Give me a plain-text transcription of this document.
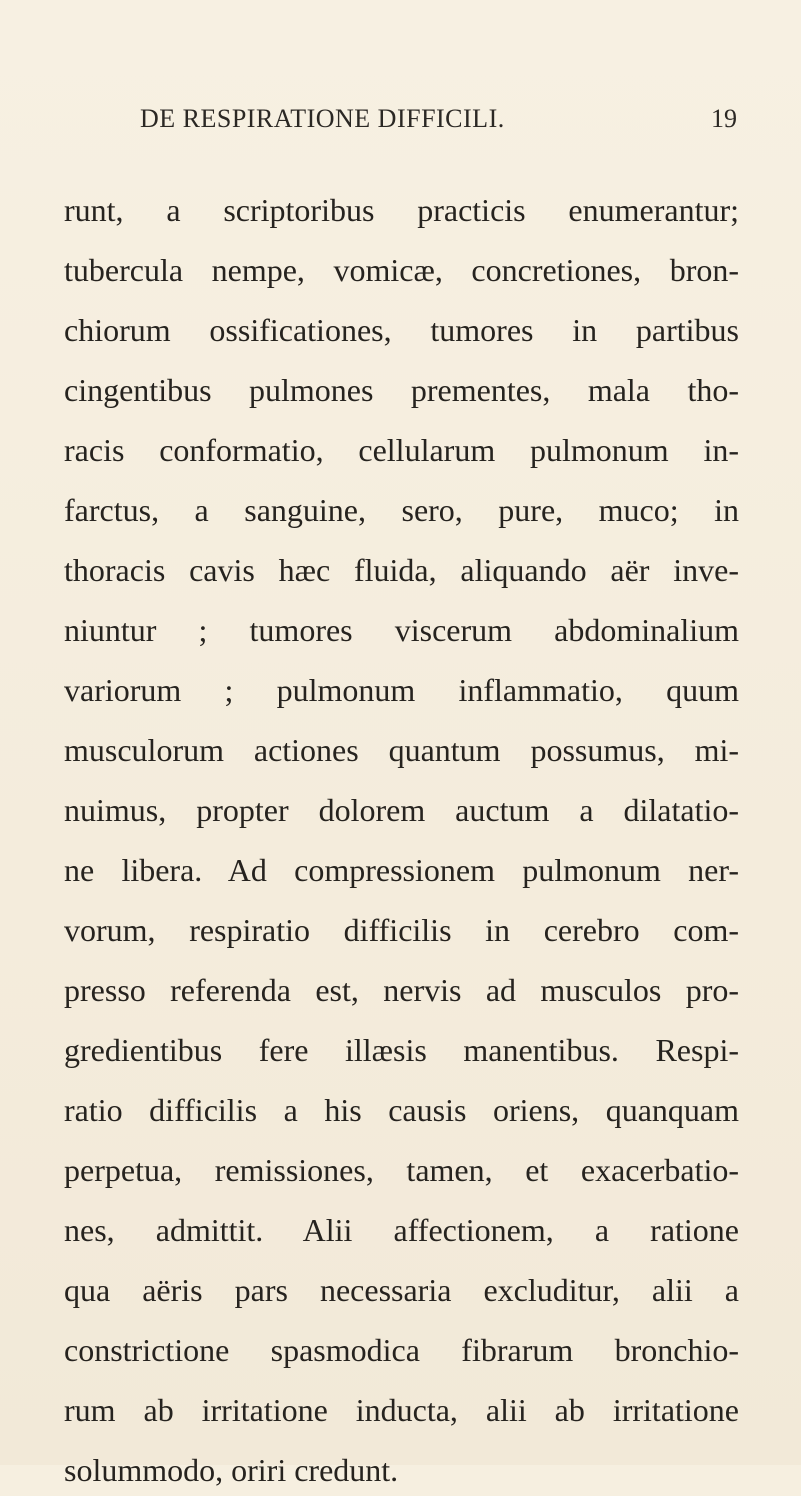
DE RESPIRATIONE DIFFICILI.	19
runt, a scriptoribus practicis enumerantur;
tubercula nempe, vomicæ, concretiones, bron-
chiorum ossificationes, tumores in partibus
cingentibus pulmones prementes, mala tho-
racis conformatio, cellularum pulmonum in-
farctus, a sanguine, sero, pure, muco; in
thoracis cavis hæc fluida, aliquando aër inve-
niuntur ; tumores viscerum abdominalium
variorum ; pulmonum inflammatio, quum
musculorum actiones quantum possumus, mi-
nuimus, propter dolorem auctum a dilatatio-
ne libera. Ad compressionem pulmonum ner-
vorum, respiratio difficilis in cerebro com-
presso referenda est, nervis ad musculos pro-
gredientibus fere illæsis manentibus. Respi-
ratio difficilis a his causis oriens, quanquam
perpetua, remissiones, tamen, et exacerbatio-
nes, admittit. Alii affectionem, a ratione
qua aëris pars necessaria excluditur, alii a
constrictione spasmodica fibrarum bronchio-
rum ab irritatione inducta, alii ab irritatione
solummodo, oriri credunt.
